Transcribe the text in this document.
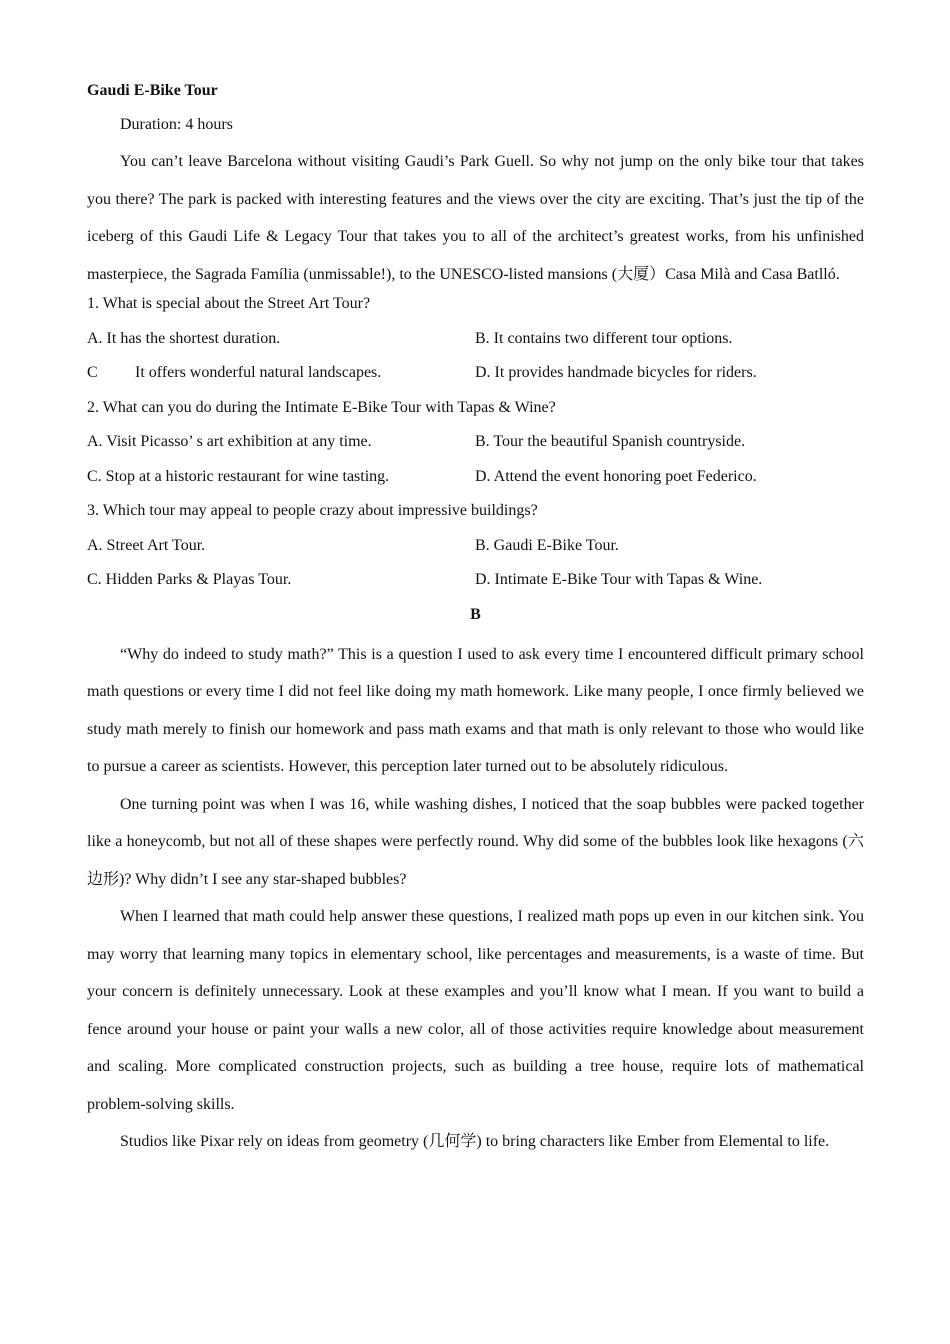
Gaudi E-Bike Tour

Duration: 4 hours

You can’t leave Barcelona without visiting Gaudi’s Park Guell. So why not jump on the only bike tour that takes you there? The park is packed with interesting features and the views over the city are exciting. That’s just the tip of the iceberg of this Gaudi Life & Legacy Tour that takes you to all of the architect’s greatest works, from his unfinished masterpiece, the Sagrada Família (unmissable!), to the UNESCO-listed mansions (大厦）Casa Milà and Casa Batlló.

1. What is special about the Street Art Tour?

A. It has the shortest duration.	B. It contains two different tour options.
C It offers wonderful natural landscapes.	D. It provides handmade bicycles for riders.

2. What can you do during the Intimate E-Bike Tour with Tapas & Wine?

A. Visit Picasso’ s art exhibition at any time.	B. Tour the beautiful Spanish countryside.
C. Stop at a historic restaurant for wine tasting.	D. Attend the event honoring poet Federico.

3. Which tour may appeal to people crazy about impressive buildings?

A. Street Art Tour.	B. Gaudi E-Bike Tour.
C. Hidden Parks & Playas Tour.	D. Intimate E-Bike Tour with Tapas & Wine.

B

“Why do indeed to study math?” This is a question I used to ask every time I encountered difficult primary school math questions or every time I did not feel like doing my math homework. Like many people, I once firmly believed we study math merely to finish our homework and pass math exams and that math is only relevant to those who would like to pursue a career as scientists. However, this perception later turned out to be absolutely ridiculous.

One turning point was when I was 16, while washing dishes, I noticed that the soap bubbles were packed together like a honeycomb, but not all of these shapes were perfectly round. Why did some of the bubbles look like hexagons (六边形)? Why didn’t I see any star-shaped bubbles?

When I learned that math could help answer these questions, I realized math pops up even in our kitchen sink. You may worry that learning many topics in elementary school, like percentages and measurements, is a waste of time. But your concern is definitely unnecessary. Look at these examples and you’ll know what I mean. If you want to build a fence around your house or paint your walls a new color, all of those activities require knowledge about measurement and scaling. More complicated construction projects, such as building a tree house, require lots of mathematical problem-solving skills.

Studios like Pixar rely on ideas from geometry (几何学) to bring characters like Ember from Elemental to life.
